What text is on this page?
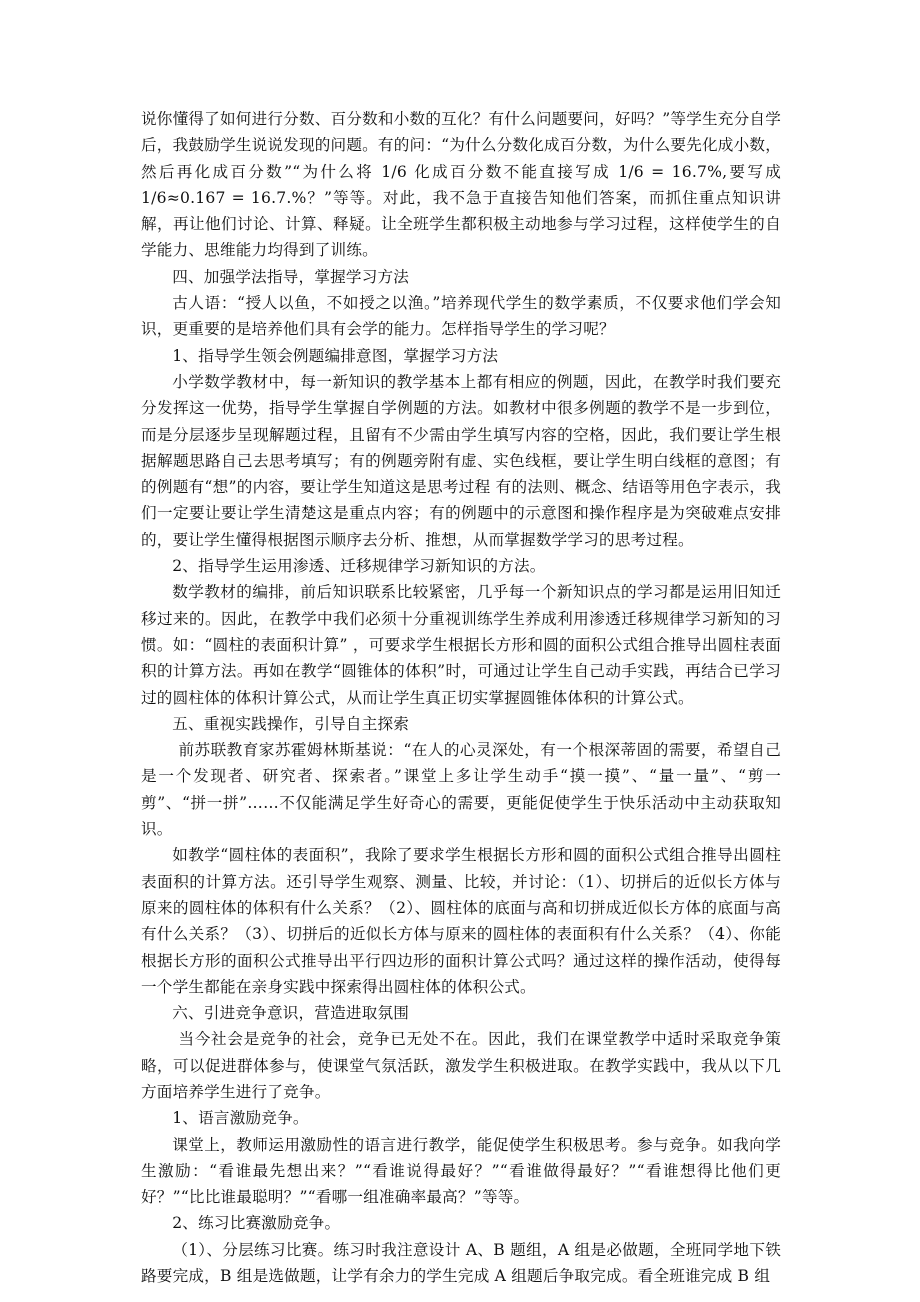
说你懂得了如何进行分数、百分数和小数的互化？有什么问题要问，好吗？”等学生充分自学后，我鼓励学生说说发现的问题。有的问：“为什么分数化成百分数，为什么要先化成小数，然后再化成百分数”“为什么将 1/6 化成百分数不能直接写成 1/6 = 16.7%,要写成 1/6≈0.167 = 16.7.%？”等等。对此，我不急于直接告知他们答案，而抓住重点知识讲解，再让他们讨论、计算、释疑。让全班学生都积极主动地参与学习过程，这样使学生的自学能力、思维能力均得到了训练。

四、加强学法指导，掌握学习方法

古人语：“授人以鱼，不如授之以渔。”培养现代学生的数学素质，不仅要求他们学会知识，更重要的是培养他们具有会学的能力。怎样指导学生的学习呢？

1、指导学生领会例题编排意图，掌握学习方法

小学数学教材中，每一新知识的教学基本上都有相应的例题，因此，在教学时我们要充分发挥这一优势，指导学生掌握自学例题的方法。如教材中很多例题的教学不是一步到位，而是分层逐步呈现解题过程，且留有不少需由学生填写内容的空格，因此，我们要让学生根据解题思路自己去思考填写；有的例题旁附有虚、实色线框，要让学生明白线框的意图；有的例题有“想”的内容，要让学生知道这是思考过程 有的法则、概念、结语等用色字表示，我们一定要让要让学生清楚这是重点内容；有的例题中的示意图和操作程序是为突破难点安排的，要让学生懂得根据图示顺序去分析、推想，从而掌握数学学习的思考过程。

2、指导学生运用渗透、迁移规律学习新知识的方法。

数学教材的编排，前后知识联系比较紧密，几乎每一个新知识点的学习都是运用旧知迁移过来的。因此，在教学中我们必须十分重视训练学生养成利用渗透迁移规律学习新知的习惯。如：“圆柱的表面积计算” ，可要求学生根据长方形和圆的面积公式组合推导出圆柱表面积的计算方法。再如在教学“圆锥体的体积”时，可通过让学生自己动手实践，再结合已学习过的圆柱体的体积计算公式，从而让学生真正切实掌握圆锥体体积的计算公式。

五、重视实践操作，引导自主探索

前苏联教育家苏霍姆林斯基说：“在人的心灵深处，有一个根深蒂固的需要，希望自己是一个发现者、研究者、探索者。”课堂上多让学生动手“摸一摸”、“量一量”、“剪一剪”、“拼一拼”……不仅能满足学生好奇心的需要，更能促使学生于快乐活动中主动获取知识。

如教学“圆柱体的表面积”，我除了要求学生根据长方形和圆的面积公式组合推导出圆柱表面积的计算方法。还引导学生观察、测量、比较，并讨论：（1）、切拼后的近似长方体与原来的圆柱体的体积有什么关系？（2）、圆柱体的底面与高和切拼成近似长方体的底面与高有什么关系？（3）、切拼后的近似长方体与原来的圆柱体的表面积有什么关系？（4）、你能根据长方形的面积公式推导出平行四边形的面积计算公式吗？通过这样的操作活动，使得每一个学生都能在亲身实践中探索得出圆柱体的体积公式。

六、引进竞争意识，营造进取氛围

当今社会是竞争的社会，竞争已无处不在。因此，我们在课堂教学中适时采取竞争策略，可以促进群体参与，使课堂气氛活跃，激发学生积极进取。在教学实践中，我从以下几方面培养学生进行了竞争。

1、语言激励竞争。

课堂上，教师运用激励性的语言进行教学，能促使学生积极思考。参与竞争。如我向学生激励：“看谁最先想出来？”“看谁说得最好？”“看谁做得最好？”“看谁想得比他们更好？”“比比谁最聪明？”“看哪一组准确率最高？”等等。

2、练习比赛激励竞争。

（1）、分层练习比赛。练习时我注意设计 A、B 题组，A 组是必做题，全班同学地下铁路要完成，B 组是选做题，让学有余力的学生完成 A 组题后争取完成。看全班谁完成 B 组
